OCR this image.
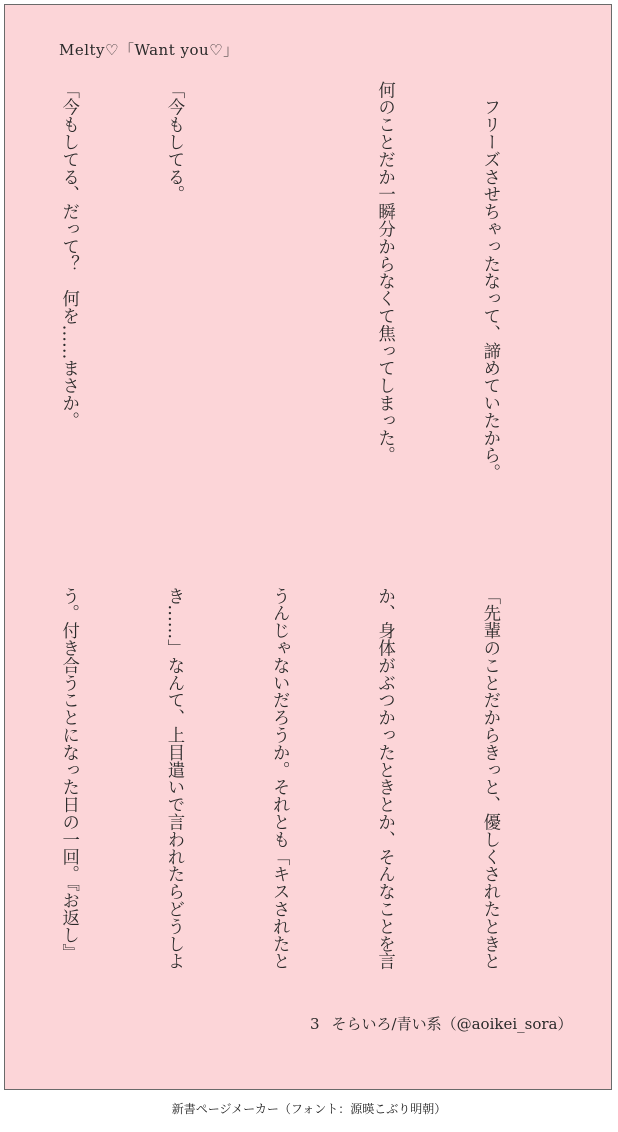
Melty♡「Want you♡」

　フリーズさせちゃったなって、諦めていたから。

何のことだか一瞬分からなくて焦ってしまった。

「今もしてる。

「今もしてる、だって？　何を……まさか。

「先輩のことだからきっと、優しくされたときと

か、身体がぶつかったときとか、そんなことを言

うんじゃないだろうか。それとも「キスされたと

き……」なんて、上目遣いで言われたらどうしよ

う。付き合うことになった日の一回。『お返し』

3 そらいろ/青い系（@aoikei_sora）
新書ページメーカー（フォント：源暎こぶり明朝）
